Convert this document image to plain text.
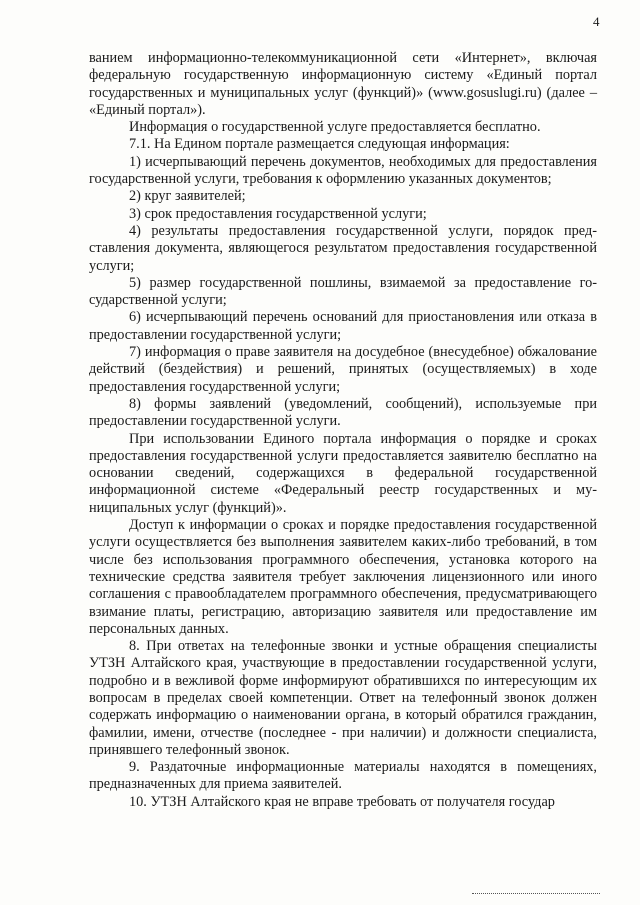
4

ванием информационно-телекоммуникационной сети «Интернет», включая федеральную государственную информационную систему «Единый портал государственных и муниципальных услуг (функций)» (www.gosuslugi.ru) (далее – «Единый портал»).

Информация о государственной услуге предоставляется бесплатно.

7.1. На Едином портале размещается следующая информация:

1) исчерпывающий перечень документов, необходимых для предоставления государственной услуги, требования к оформлению указанных документов;

2) круг заявителей;

3) срок предоставления государственной услуги;

4) результаты предоставления государственной услуги, порядок представления документа, являющегося результатом предоставления государственной услуги;

5) размер государственной пошлины, взимаемой за предоставление государственной услуги;

6) исчерпывающий перечень оснований для приостановления или отказа в предоставлении государственной услуги;

7) информация о праве заявителя на досудебное (внесудебное) обжалование действий (бездействия) и решений, принятых (осуществляемых) в ходе предоставления государственной услуги;

8) формы заявлений (уведомлений, сообщений), используемые при предоставлении государственной услуги.

При использовании Единого портала информация о порядке и сроках предоставления государственной услуги предоставляется заявителю бесплатно на основании сведений, содержащихся в федеральной государственной информационной системе «Федеральный реестр государственных и муниципальных услуг (функций)».

Доступ к информации о сроках и порядке предоставления государственной услуги осуществляется без выполнения заявителем каких-либо требований, в том числе без использования программного обеспечения, установка которого на технические средства заявителя требует заключения лицензионного или иного соглашения с правообладателем программного обеспечения, предусматривающего взимание платы, регистрацию, авторизацию заявителя или предоставление им персональных данных.

8. При ответах на телефонные звонки и устные обращения специалисты УТЗН Алтайского края, участвующие в предоставлении государственной услуги, подробно и в вежливой форме информируют обратившихся по интересующим их вопросам в пределах своей компетенции. Ответ на телефонный звонок должен содержать информацию о наименовании органа, в который обратился гражданин, фамилии, имени, отчестве (последнее - при наличии) и должности специалиста, принявшего телефонный звонок.

9. Раздаточные информационные материалы находятся в помещениях, предназначенных для приема заявителей.

10. УТЗН Алтайского края не вправе требовать от получателя государ
